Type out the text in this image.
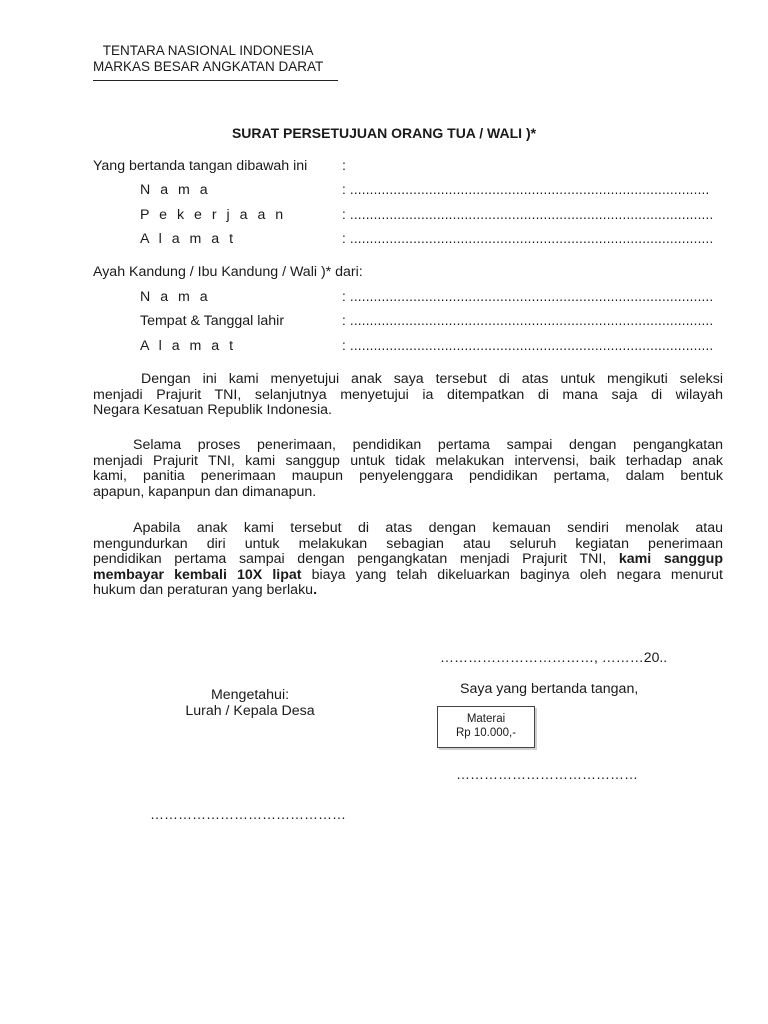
TENTARA NASIONAL INDONESIA
MARKAS BESAR ANGKATAN DARAT
SURAT PERSETUJUAN ORANG TUA / WALI )*
Yang bertanda tangan dibawah ini :
N a m a	: ...........................................................................................
P e k e r j a a n	: ............................................................................................
A l a m a t	: ............................................................................................
Ayah Kandung / Ibu Kandung / Wali )* dari:
N a m a	: ............................................................................................
Tempat & Tanggal lahir	: ............................................................................................
A l a m a t	: ............................................................................................
Dengan ini kami menyetujui anak saya tersebut di atas untuk mengikuti seleksi
menjadi Prajurit TNI, selanjutnya menyetujui ia ditempatkan di mana saja di wilayah
Negara Kesatuan Republik Indonesia.
Selama proses penerimaan, pendidikan pertama sampai dengan pengangkatan
menjadi Prajurit TNI, kami sanggup untuk tidak melakukan intervensi, baik terhadap anak
kami, panitia penerimaan maupun penyelenggara pendidikan pertama, dalam bentuk
apapun, kapanpun dan dimanapun.
Apabila anak kami tersebut di atas dengan kemauan sendiri menolak atau
mengundurkan diri untuk melakukan sebagian atau seluruh kegiatan penerimaan
pendidikan pertama sampai dengan pengangkatan menjadi Prajurit TNI, kami sanggup
membayar kembali 10X lipat biaya yang telah dikeluarkan baginya oleh negara menurut
hukum dan peraturan yang berlaku.
……………………………, ………20..
Saya yang bertanda tangan,
Materai
Rp 10.000,-
…………………………………
Mengetahui:
Lurah / Kepala Desa
……………………………………
